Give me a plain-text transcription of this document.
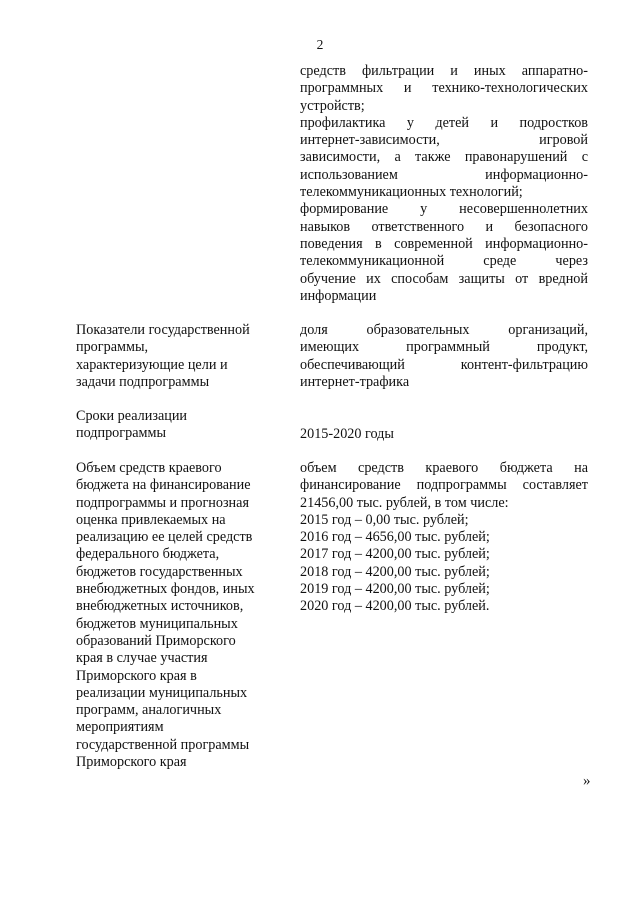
2
средств фильтрации и иных аппаратно-
программных и технико-технологических
устройств;
профилактика у детей и подростков
интернет-зависимости, игровой
зависимости, а также правонарушений с
использованием информационно-
телекоммуникационных технологий;
формирование у несовершеннолетних
навыков ответственного и безопасного
поведения в современной информационно-
телекоммуникационной среде через
обучение их способам защиты от вредной
информации
Показатели государственной
программы,
характеризующие цели и
задачи подпрограммы
доля образовательных организаций,
имеющих программный продукт,
обеспечивающий контент-фильтрацию
интернет-трафика
Сроки реализации
подпрограммы	2015-2020 годы
Объем средств краевого
бюджета на финансирование
подпрограммы и прогнозная
оценка привлекаемых на
реализацию ее целей средств
федерального бюджета,
бюджетов государственных
внебюджетных фондов, иных
внебюджетных источников,
бюджетов муниципальных
образований Приморского
края в случае участия
Приморского края в
реализации муниципальных
программ, аналогичных
мероприятиям
государственной программы
Приморского края
объем средств краевого бюджета на
финансирование подпрограммы составляет
21456,00 тыс. рублей, в том числе:
2015 год – 0,00 тыс. рублей;
2016 год – 4656,00 тыс. рублей;
2017 год – 4200,00 тыс. рублей;
2018 год – 4200,00 тыс. рублей;
2019 год – 4200,00 тыс. рублей;
2020 год – 4200,00 тыс. рублей.
»
